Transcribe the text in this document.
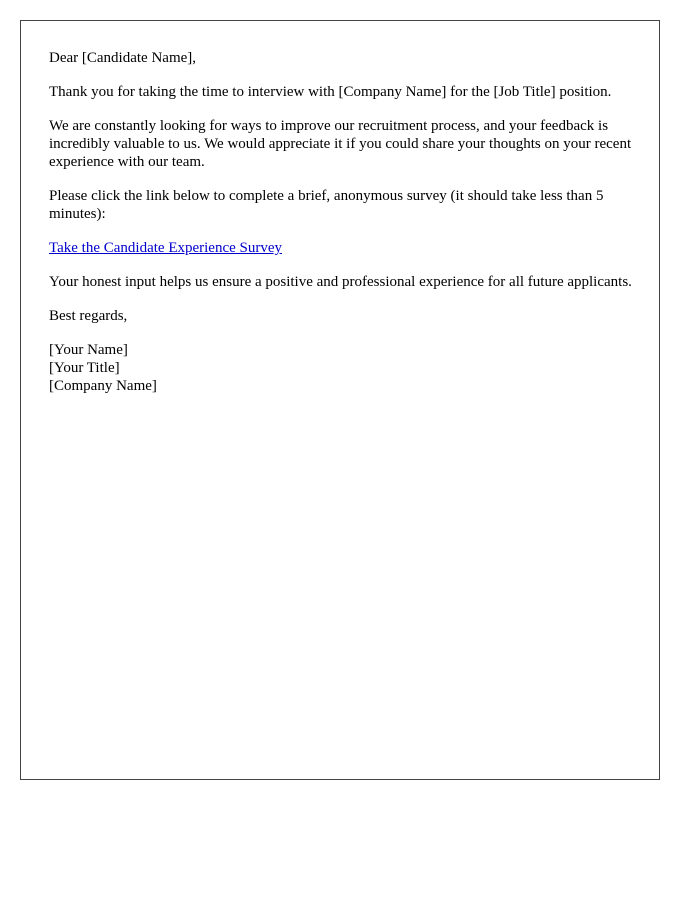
Dear [Candidate Name],

Thank you for taking the time to interview with [Company Name] for the [Job Title] position.

We are constantly looking for ways to improve our recruitment process, and your feedback is incredibly valuable to us. We would appreciate it if you could share your thoughts on your recent experience with our team.

Please click the link below to complete a brief, anonymous survey (it should take less than 5 minutes):

Take the Candidate Experience Survey

Your honest input helps us ensure a positive and professional experience for all future applicants.

Best regards,

[Your Name]

[Your Title]

[Company Name]
